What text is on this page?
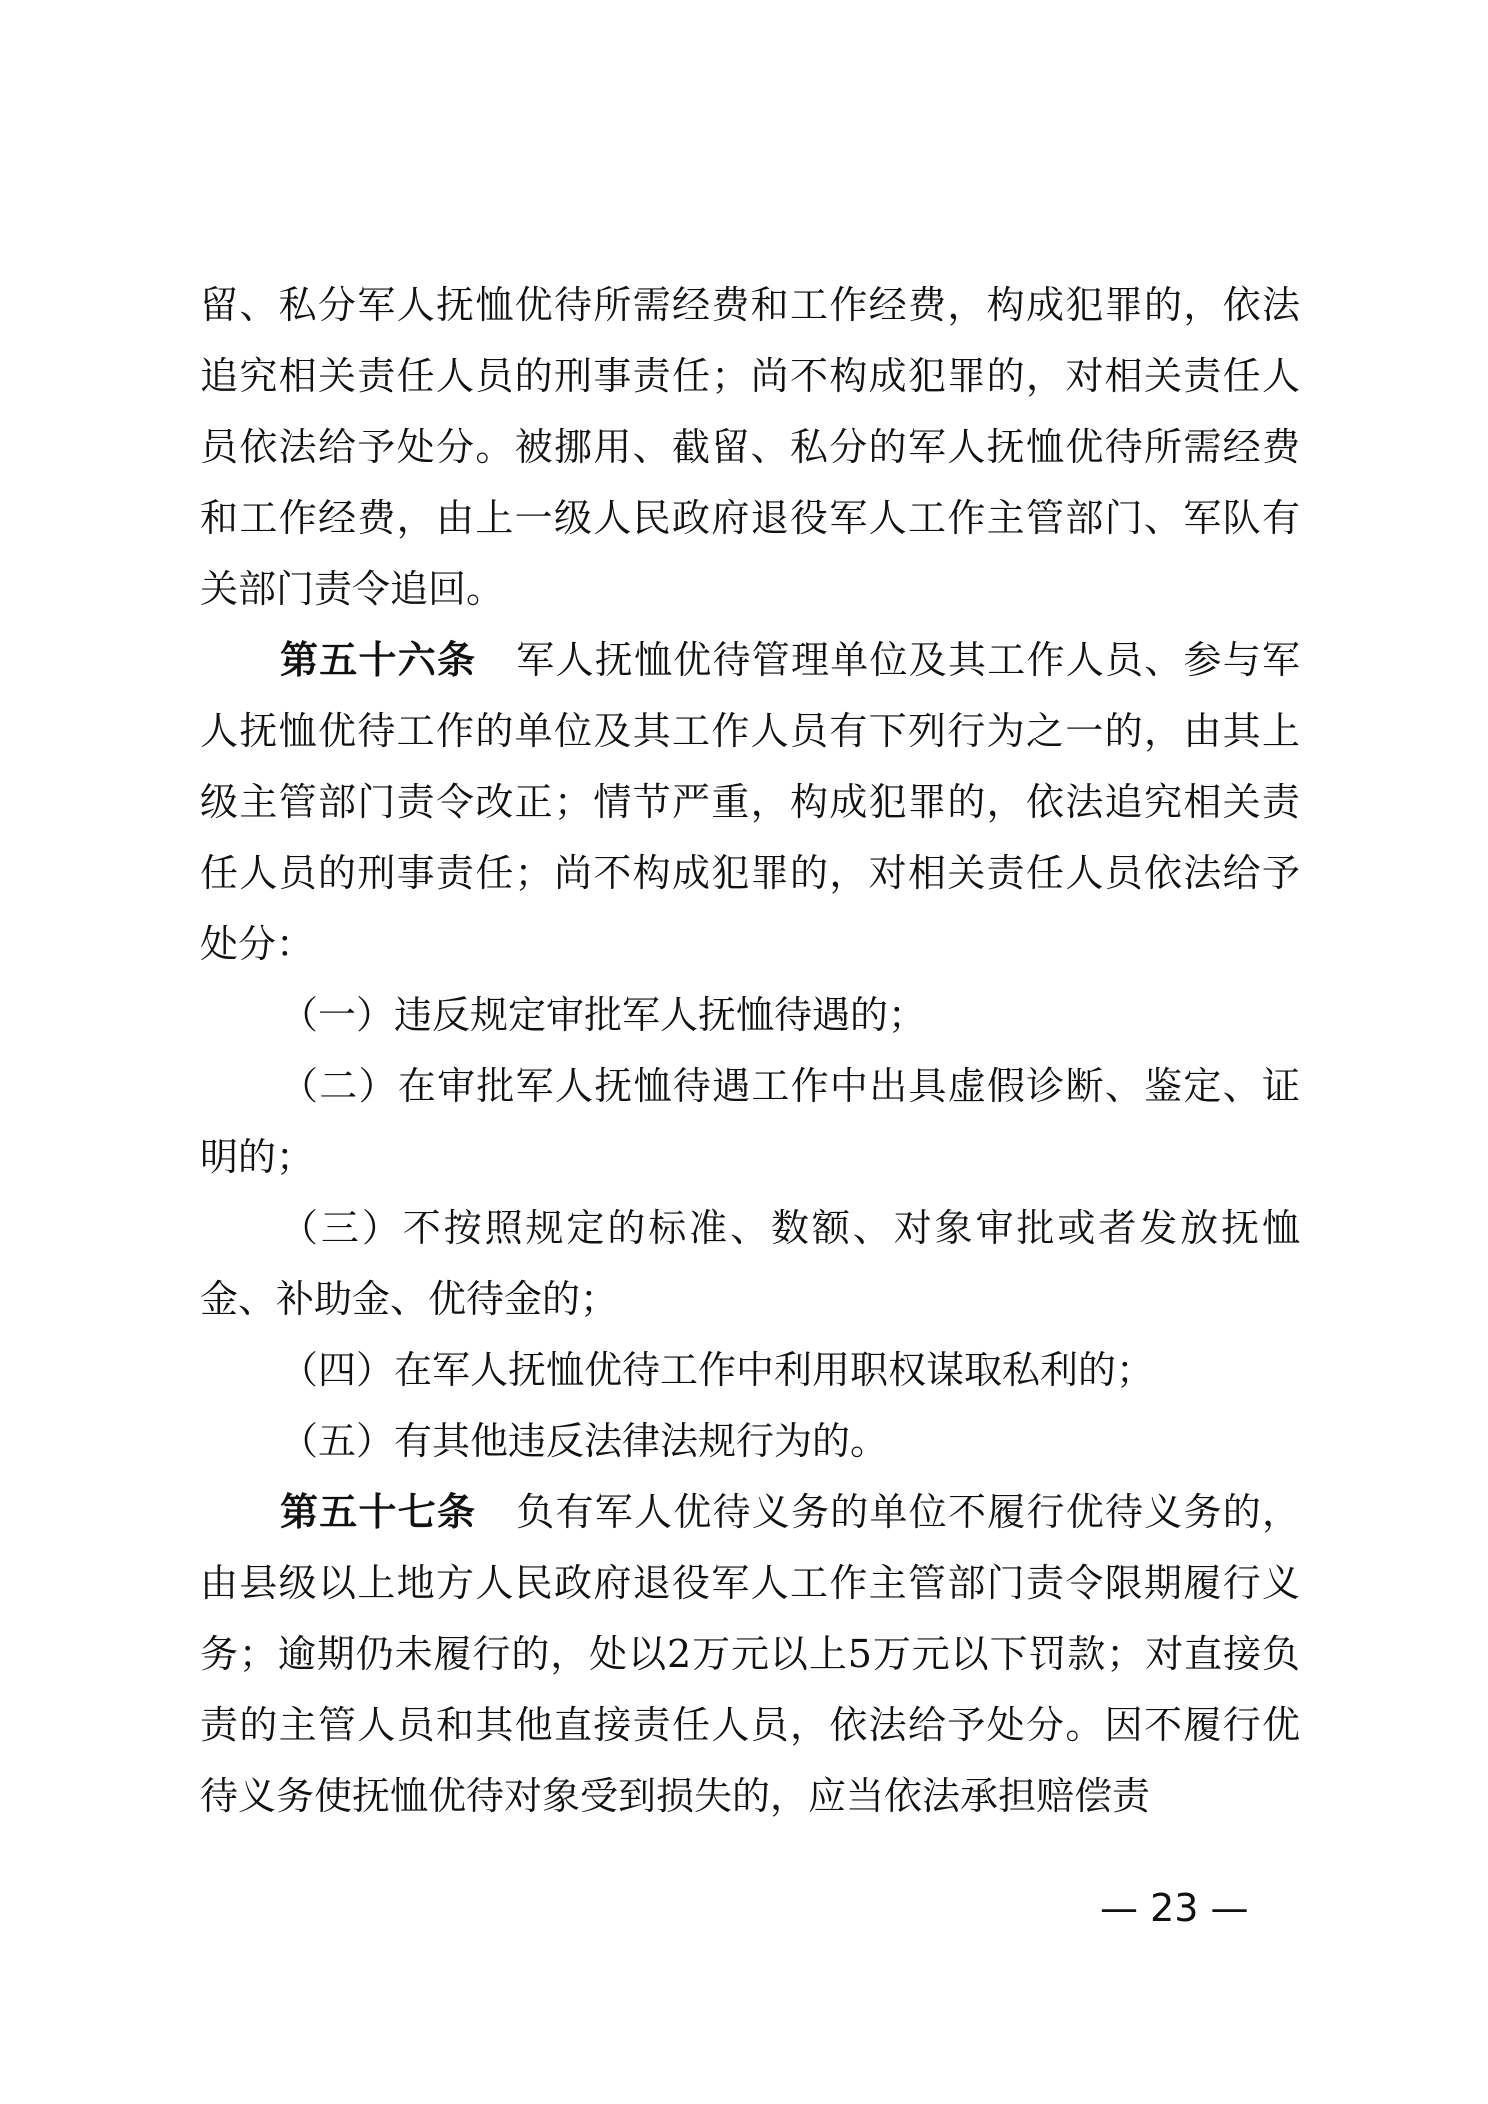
留、私分军人抚恤优待所需经费和工作经费，构成犯罪的，依法追究相关责任人员的刑事责任；尚不构成犯罪的，对相关责任人员依法给予处分。被挪用、截留、私分的军人抚恤优待所需经费和工作经费，由上一级人民政府退役军人工作主管部门、军队有关部门责令追回。

第五十六条 军人抚恤优待管理单位及其工作人员、参与军人抚恤优待工作的单位及其工作人员有下列行为之一的，由其上级主管部门责令改正；情节严重，构成犯罪的，依法追究相关责任人员的刑事责任；尚不构成犯罪的，对相关责任人员依法给予处分：

（一）违反规定审批军人抚恤待遇的；

（二）在审批军人抚恤待遇工作中出具虚假诊断、鉴定、证明的；

（三）不按照规定的标准、数额、对象审批或者发放抚恤金、补助金、优待金的；

（四）在军人抚恤优待工作中利用职权谋取私利的；

（五）有其他违反法律法规行为的。

第五十七条 负有军人优待义务的单位不履行优待义务的，由县级以上地方人民政府退役军人工作主管部门责令限期履行义务；逾期仍未履行的，处以2万元以上5万元以下罚款；对直接负责的主管人员和其他直接责任人员，依法给予处分。因不履行优待义务使抚恤优待对象受到损失的，应当依法承担赔偿责

— 23 —
